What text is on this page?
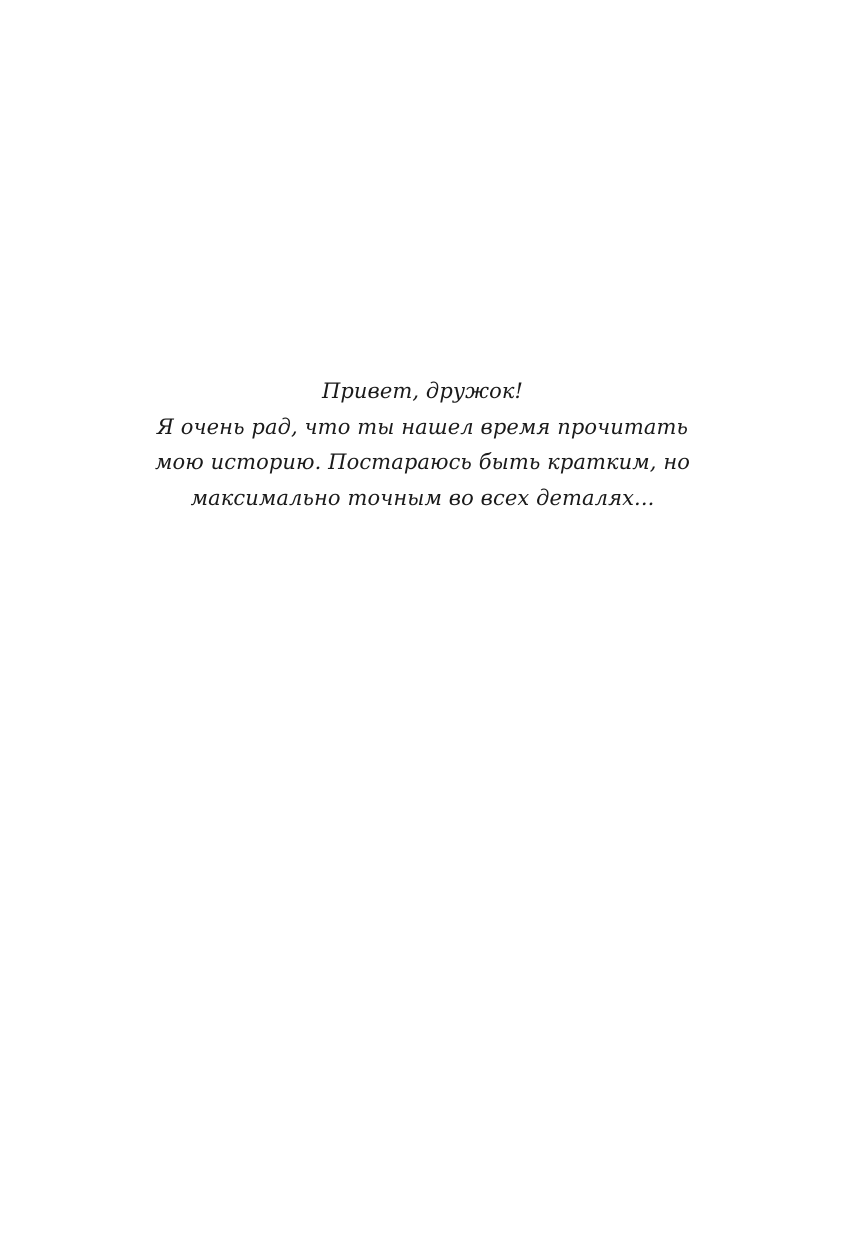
Привет, дружок!
Я очень рад, что ты нашел время прочитать
мою историю. Постараюсь быть кратким, но
максимально точным во всех деталях...
